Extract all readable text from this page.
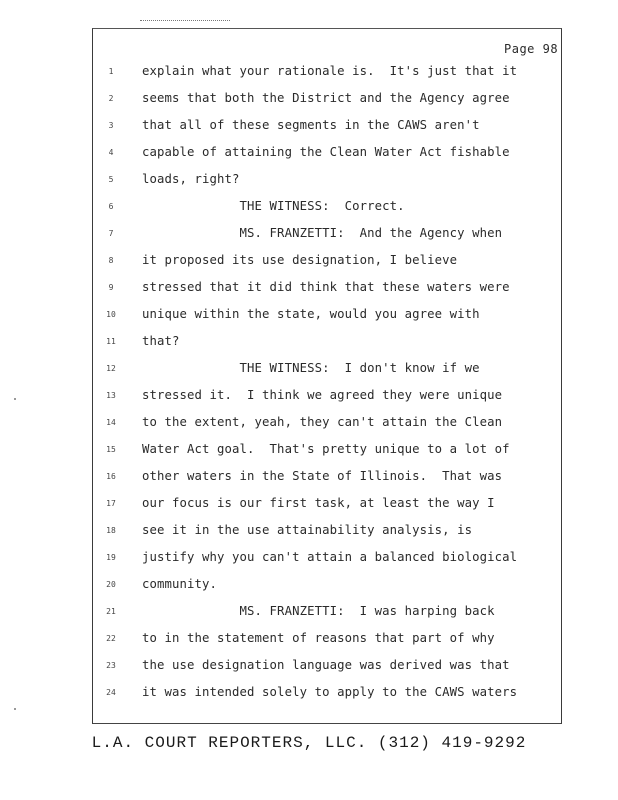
Page 98
1	explain what your rationale is.  It's just that it
2	seems that both the District and the Agency agree
3	that all of these segments in the CAWS aren't
4	capable of attaining the Clean Water Act fishable
5	loads, right?
6	THE WITNESS:  Correct.
7	MS. FRANZETTI:  And the Agency when
8	it proposed its use designation, I believe
9	stressed that it did think that these waters were
10	unique within the state, would you agree with
11	that?
12	THE WITNESS:  I don't know if we
13	stressed it.  I think we agreed they were unique
14	to the extent, yeah, they can't attain the Clean
15	Water Act goal.  That's pretty unique to a lot of
16	other waters in the State of Illinois.  That was
17	our focus is our first task, at least the way I
18	see it in the use attainability analysis, is
19	justify why you can't attain a balanced biological
20	community.
21	MS. FRANZETTI:  I was harping back
22	to in the statement of reasons that part of why
23	the use designation language was derived was that
24	it was intended solely to apply to the CAWS waters
L.A. COURT REPORTERS, LLC. (312) 419-9292
